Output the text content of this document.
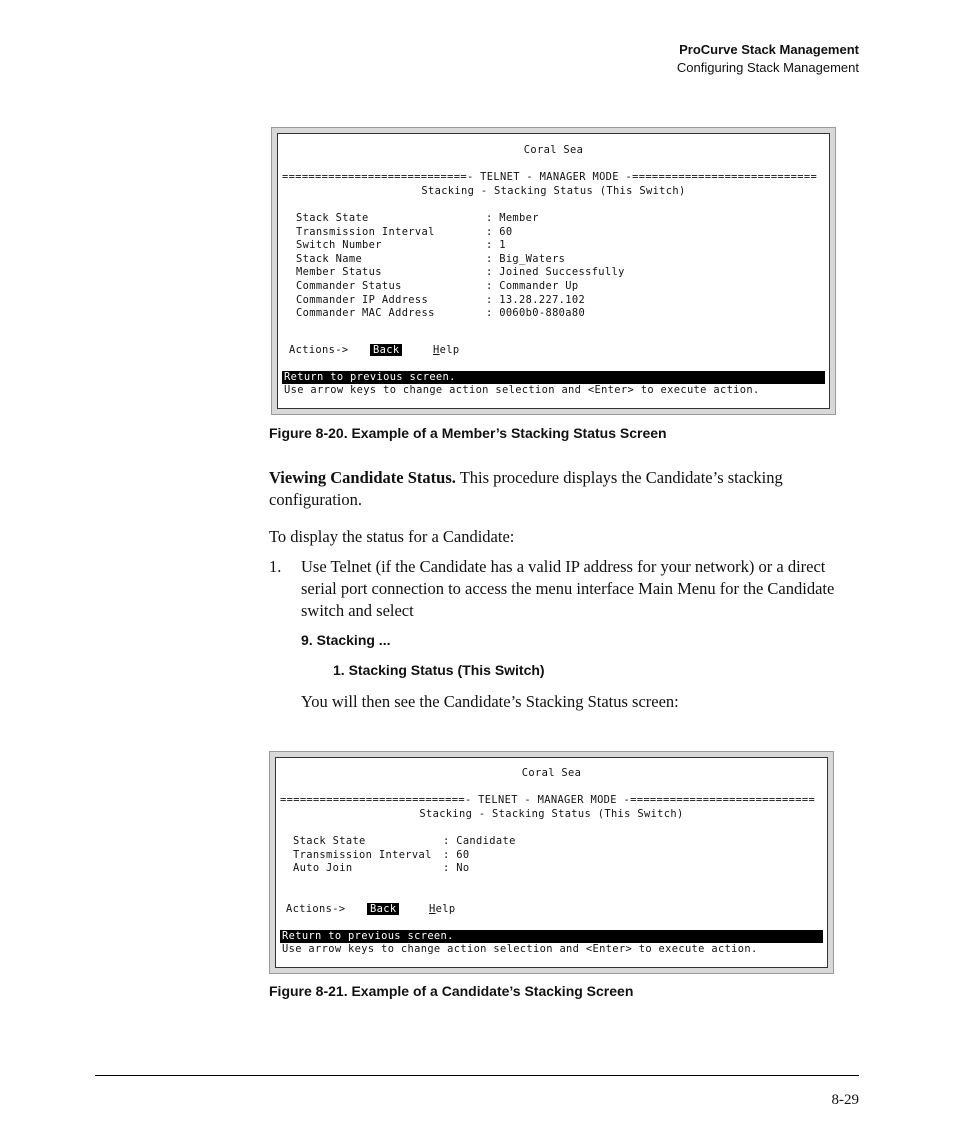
ProCurve Stack Management
Configuring Stack Management
Coral Sea
============================- TELNET - MANAGER MODE -============================
Stacking - Stacking Status (This Switch)
Stack State	: Member
Transmission Interval	: 60
Switch Number	: 1
Stack Name	: Big_Waters
Member Status	: Joined Successfully
Commander Status	: Commander Up
Commander IP Address	: 13.28.227.102
Commander MAC Address	: 0060b0-880a80
Actions-> Back	Help
Return to previous screen.
Use arrow keys to change action selection and <Enter> to execute action.
Figure 8-20. Example of a Member’s Stacking Status Screen
Viewing Candidate Status. This procedure displays the Candidate’s stacking configuration.
To display the status for a Candidate:
1. Use Telnet (if the Candidate has a valid IP address for your network) or a direct serial port connection to access the menu interface Main Menu for the Candidate switch and select
9. Stacking ...
1. Stacking Status (This Switch)
You will then see the Candidate’s Stacking Status screen:
Coral Sea
============================- TELNET - MANAGER MODE -============================
Stacking - Stacking Status (This Switch)
Stack State	: Candidate
Transmission Interval : 60
Auto Join	: No
Actions-> Back	Help
Return to previous screen.
Use arrow keys to change action selection and <Enter> to execute action.
Figure 8-21. Example of a Candidate’s Stacking Screen
8-29
